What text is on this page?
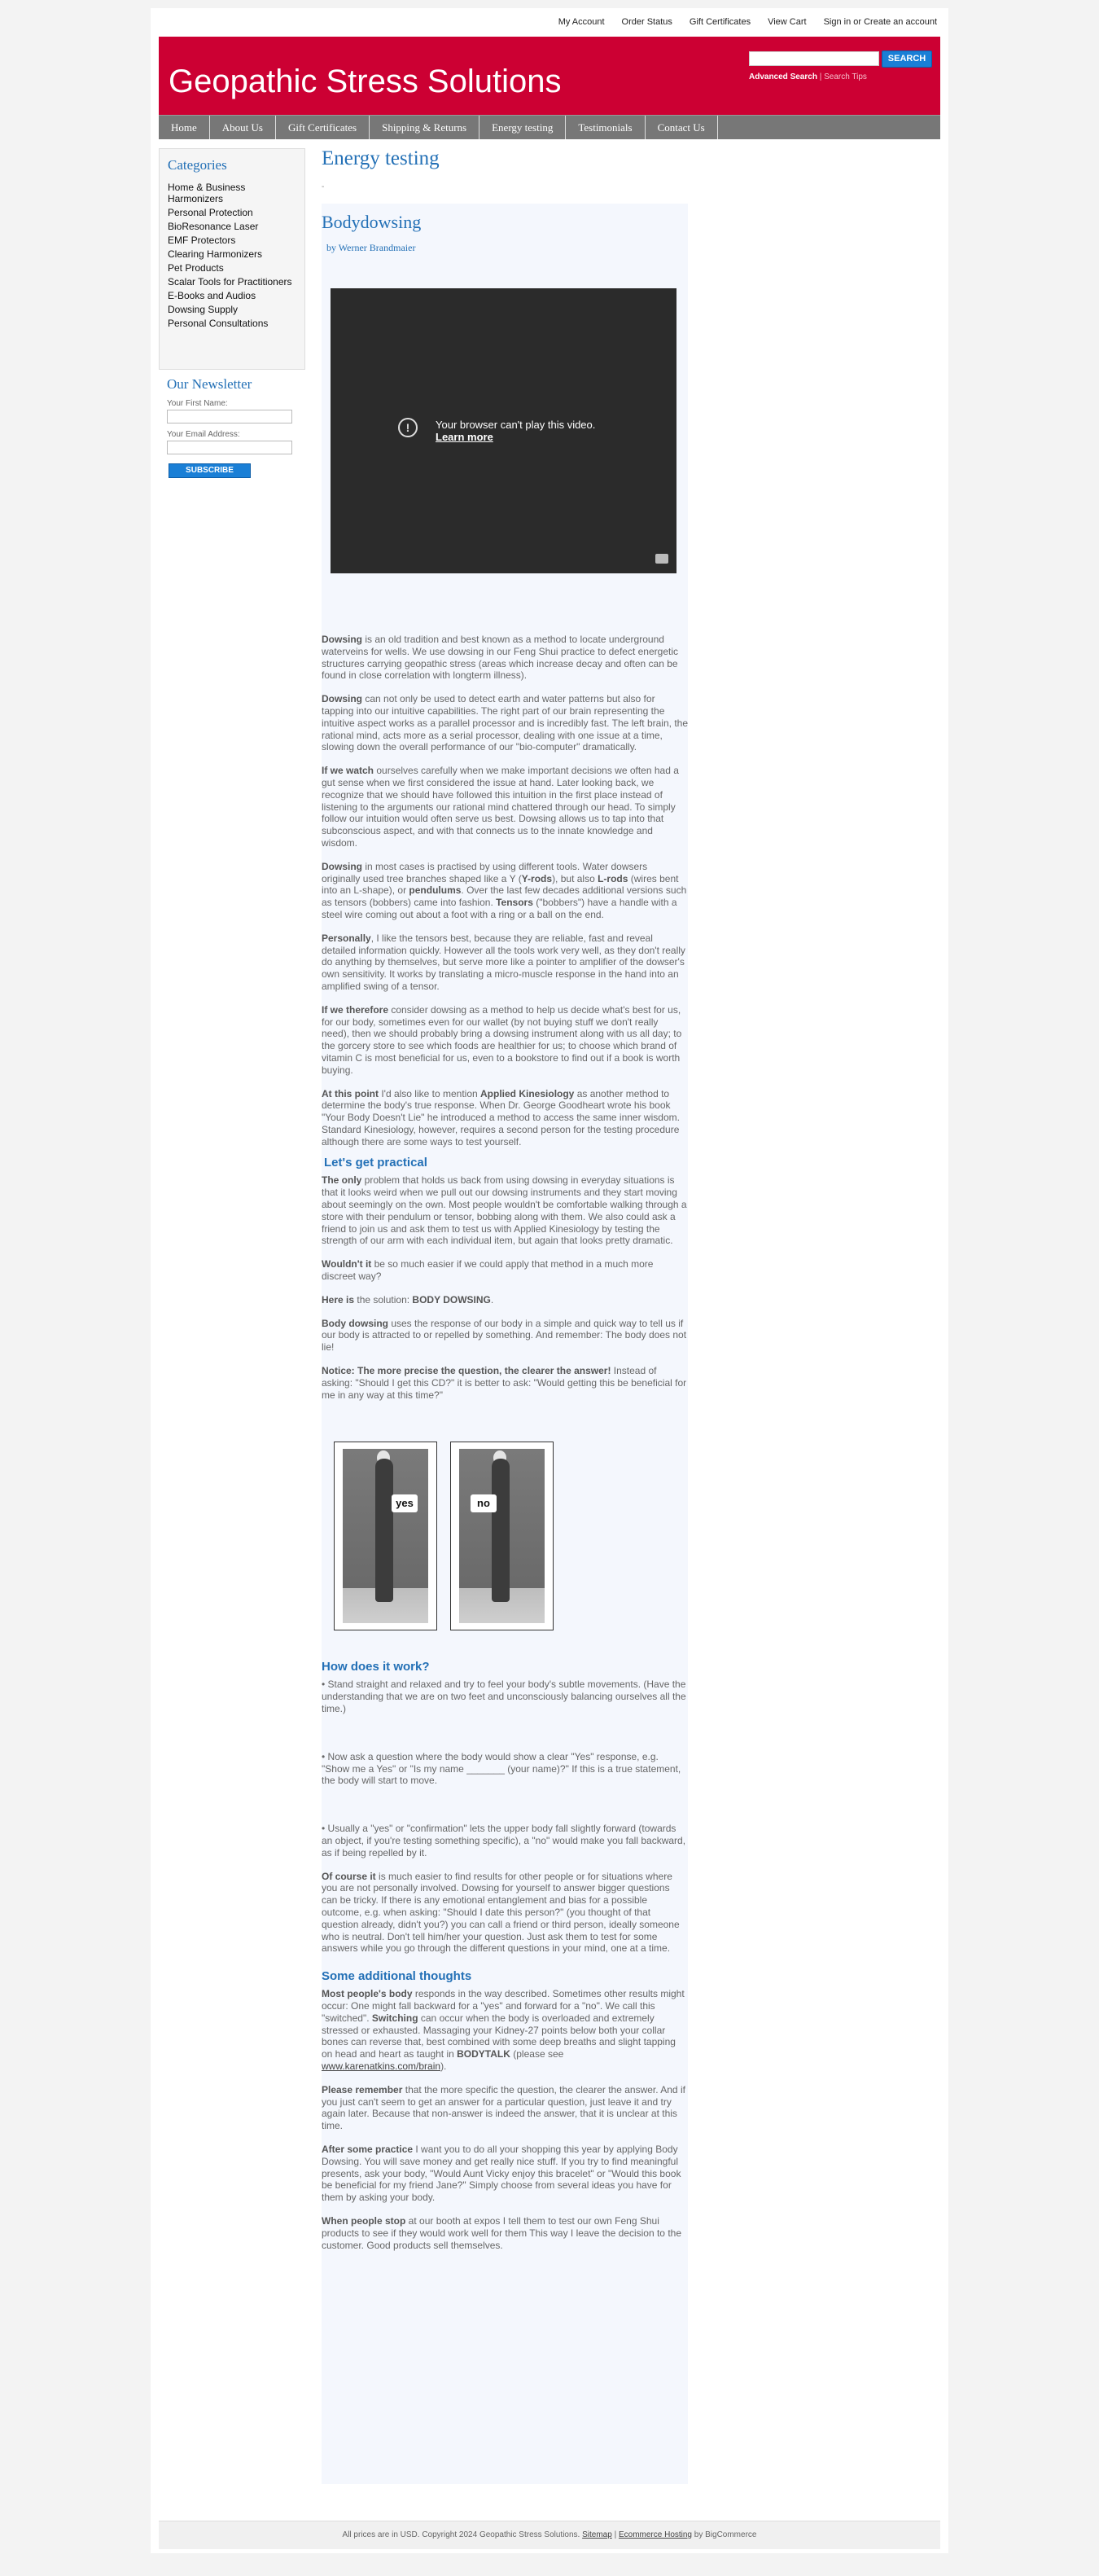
My Account Order Status Gift Certificates View Cart Sign in or Create an account
Geopathic Stress Solutions
SEARCH
Advanced Search | Search Tips
Home	About Us	Gift Certificates	Shipping & Returns	Energy testing	Testimonials	Contact Us
Categories
Home & Business Harmonizers
Personal Protection
BioResonance Laser
EMF Protectors
Clearing Harmonizers
Pet Products
Scalar Tools for Practitioners
E-Books and Audios
Dowsing Supply
Personal Consultations
Our Newsletter
Your First Name:
Your Email Address:
SUBSCRIBE
Energy testing
-
Bodydowsing
by Werner Brandmaier
!	Your browser can't play this video.
Learn more

Dowsing is an old tradition and best known as a method to locate underground waterveins for wells. We use dowsing in our Feng Shui practice to defect energetic structures carrying geopathic stress (areas which increase decay and often can be found in close correlation with longterm illness).

Dowsing can not only be used to detect earth and water patterns but also for tapping into our intuitive capabilities. The right part of our brain representing the intuitive aspect works as a parallel processor and is incredibly fast. The left brain, the rational mind, acts more as a serial processor, dealing with one issue at a time, slowing down the overall performance of our "bio-computer" dramatically.

If we watch ourselves carefully when we make important decisions we often had a gut sense when we first considered the issue at hand. Later looking back, we recognize that we should have followed this intuition in the first place instead of listening to the arguments our rational mind chattered through our head. To simply follow our intuition would often serve us best. Dowsing allows us to tap into that subconscious aspect, and with that connects us to the innate knowledge and wisdom.

Dowsing in most cases is practised by using different tools. Water dowsers originally used tree branches shaped like a Y (Y-rods), but also L-rods (wires bent into an L-shape), or pendulums. Over the last few decades additional versions such as tensors (bobbers) came into fashion. Tensors ("bobbers") have a handle with a steel wire coming out about a foot with a ring or a ball on the end.

Personally, I like the tensors best, because they are reliable, fast and reveal detailed information quickly. However all the tools work very well, as they don't really do anything by themselves, but serve more like a pointer to amplifier of the dowser's own sensitivity. It works by translating a micro-muscle response in the hand into an amplified swing of a tensor.

If we therefore consider dowsing as a method to help us decide what's best for us, for our body, sometimes even for our wallet (by not buying stuff we don't really need), then we should probably bring a dowsing instrument along with us all day; to the gorcery store to see which foods are healthier for us; to choose which brand of vitamin C is most beneficial for us, even to a bookstore to find out if a book is worth buying.

At this point I'd also like to mention Applied Kinesiology as another method to determine the body's true response. When Dr. George Goodheart wrote his book "Your Body Doesn't Lie" he introduced a method to access the same inner wisdom. Standard Kinesiology, however, requires a second person for the testing procedure although there are some ways to test yourself.

Let's get practical

The only problem that holds us back from using dowsing in everyday situations is that it looks weird when we pull out our dowsing instruments and they start moving about seemingly on the own. Most people wouldn't be comfortable walking through a store with their pendulum or tensor, bobbing along with them. We also could ask a friend to join us and ask them to test us with Applied Kinesiology by testing the strength of our arm with each individual item, but again that looks pretty dramatic.

Wouldn't it be so much easier if we could apply that method in a much more discreet way?

Here is the solution: BODY DOWSING.

Body dowsing uses the response of our body in a simple and quick way to tell us if our body is attracted to or repelled by something. And remember: The body does not lie!

Notice: The more precise the question, the clearer the answer! Instead of asking: "Should I get this CD?" it is better to ask: "Would getting this be beneficial for me in any way at this time?"

yes	no
How does it work?

• Stand straight and relaxed and try to feel your body's subtle movements. (Have the understanding that we are on two feet and unconsciously balancing ourselves all the time.)

• Now ask a question where the body would show a clear "Yes" response, e.g. "Show me a Yes" or "Is my name _______ (your name)?" If this is a true statement, the body will start to move.

• Usually a "yes" or "confirmation" lets the upper body fall slightly forward (towards an object, if you're testing something specific), a "no" would make you fall backward, as if being repelled by it.

Of course it is much easier to find results for other people or for situations where you are not personally involved. Dowsing for yourself to answer bigger questions can be tricky. If there is any emotional entanglement and bias for a possible outcome, e.g. when asking: "Should I date this person?" (you thought of that question already, didn't you?) you can call a friend or third person, ideally someone who is neutral. Don't tell him/her your question. Just ask them to test for some answers while you go through the different questions in your mind, one at a time.

Some additional thoughts

Most people's body responds in the way described. Sometimes other results might occur: One might fall backward for a "yes" and forward for a "no". We call this "switched". Switching can occur when the body is overloaded and extremely stressed or exhausted. Massaging your Kidney-27 points below both your collar bones can reverse that, best combined with some deep breaths and slight tapping on head and heart as taught in BODYTALK (please see www.karenatkins.com/brain).

Please remember that the more specific the question, the clearer the answer. And if you just can't seem to get an answer for a particular question, just leave it and try again later. Because that non-answer is indeed the answer, that it is unclear at this time.

After some practice I want you to do all your shopping this year by applying Body Dowsing. You will save money and get really nice stuff. If you try to find meaningful presents, ask your body, "Would Aunt Vicky enjoy this bracelet" or "Would this book be beneficial for my friend Jane?" Simply choose from several ideas you have for them by asking your body.

When people stop at our booth at expos I tell them to test our own Feng Shui products to see if they would work well for them This way I leave the decision to the customer. Good products sell themselves.

All prices are in USD. Copyright 2024 Geopathic Stress Solutions. Sitemap | Ecommerce Hosting by BigCommerce
